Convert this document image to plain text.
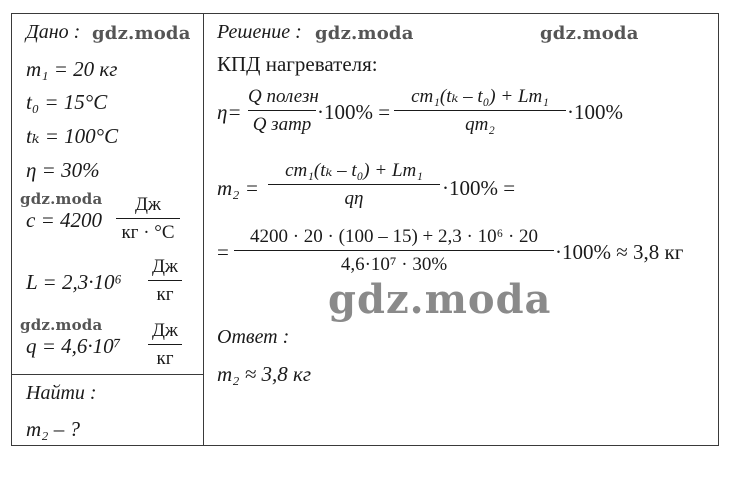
Дано : gdz.moda
m₁ = 20 кг
t₀ = 15°C
tₖ = 100°C
η = 30%
gdz.moda
c = 4200
Дж
кг · °C
L = 2,3·10⁶
Дж
кг
gdz.moda
q = 4,6·10⁷
Дж
кг
Найти :
m₂ – ?
Решение : gdz.moda	gdz.moda
КПД нагревателя:
η=
Q полезн
Q затр
·100% =
cm₁(tₖ – t₀) + Lm₁
qm₂
·100%
m₂ =
cm₁(tₖ – t₀) + Lm₁
qη	·100% =
=
4200 · 20 · (100 – 15) + 2,3 · 10⁶ · 20
4,6·10⁷ · 30%
·100% ≈ 3,8 кг
gdz.moda
Ответ :
m₂ ≈ 3,8 кг
